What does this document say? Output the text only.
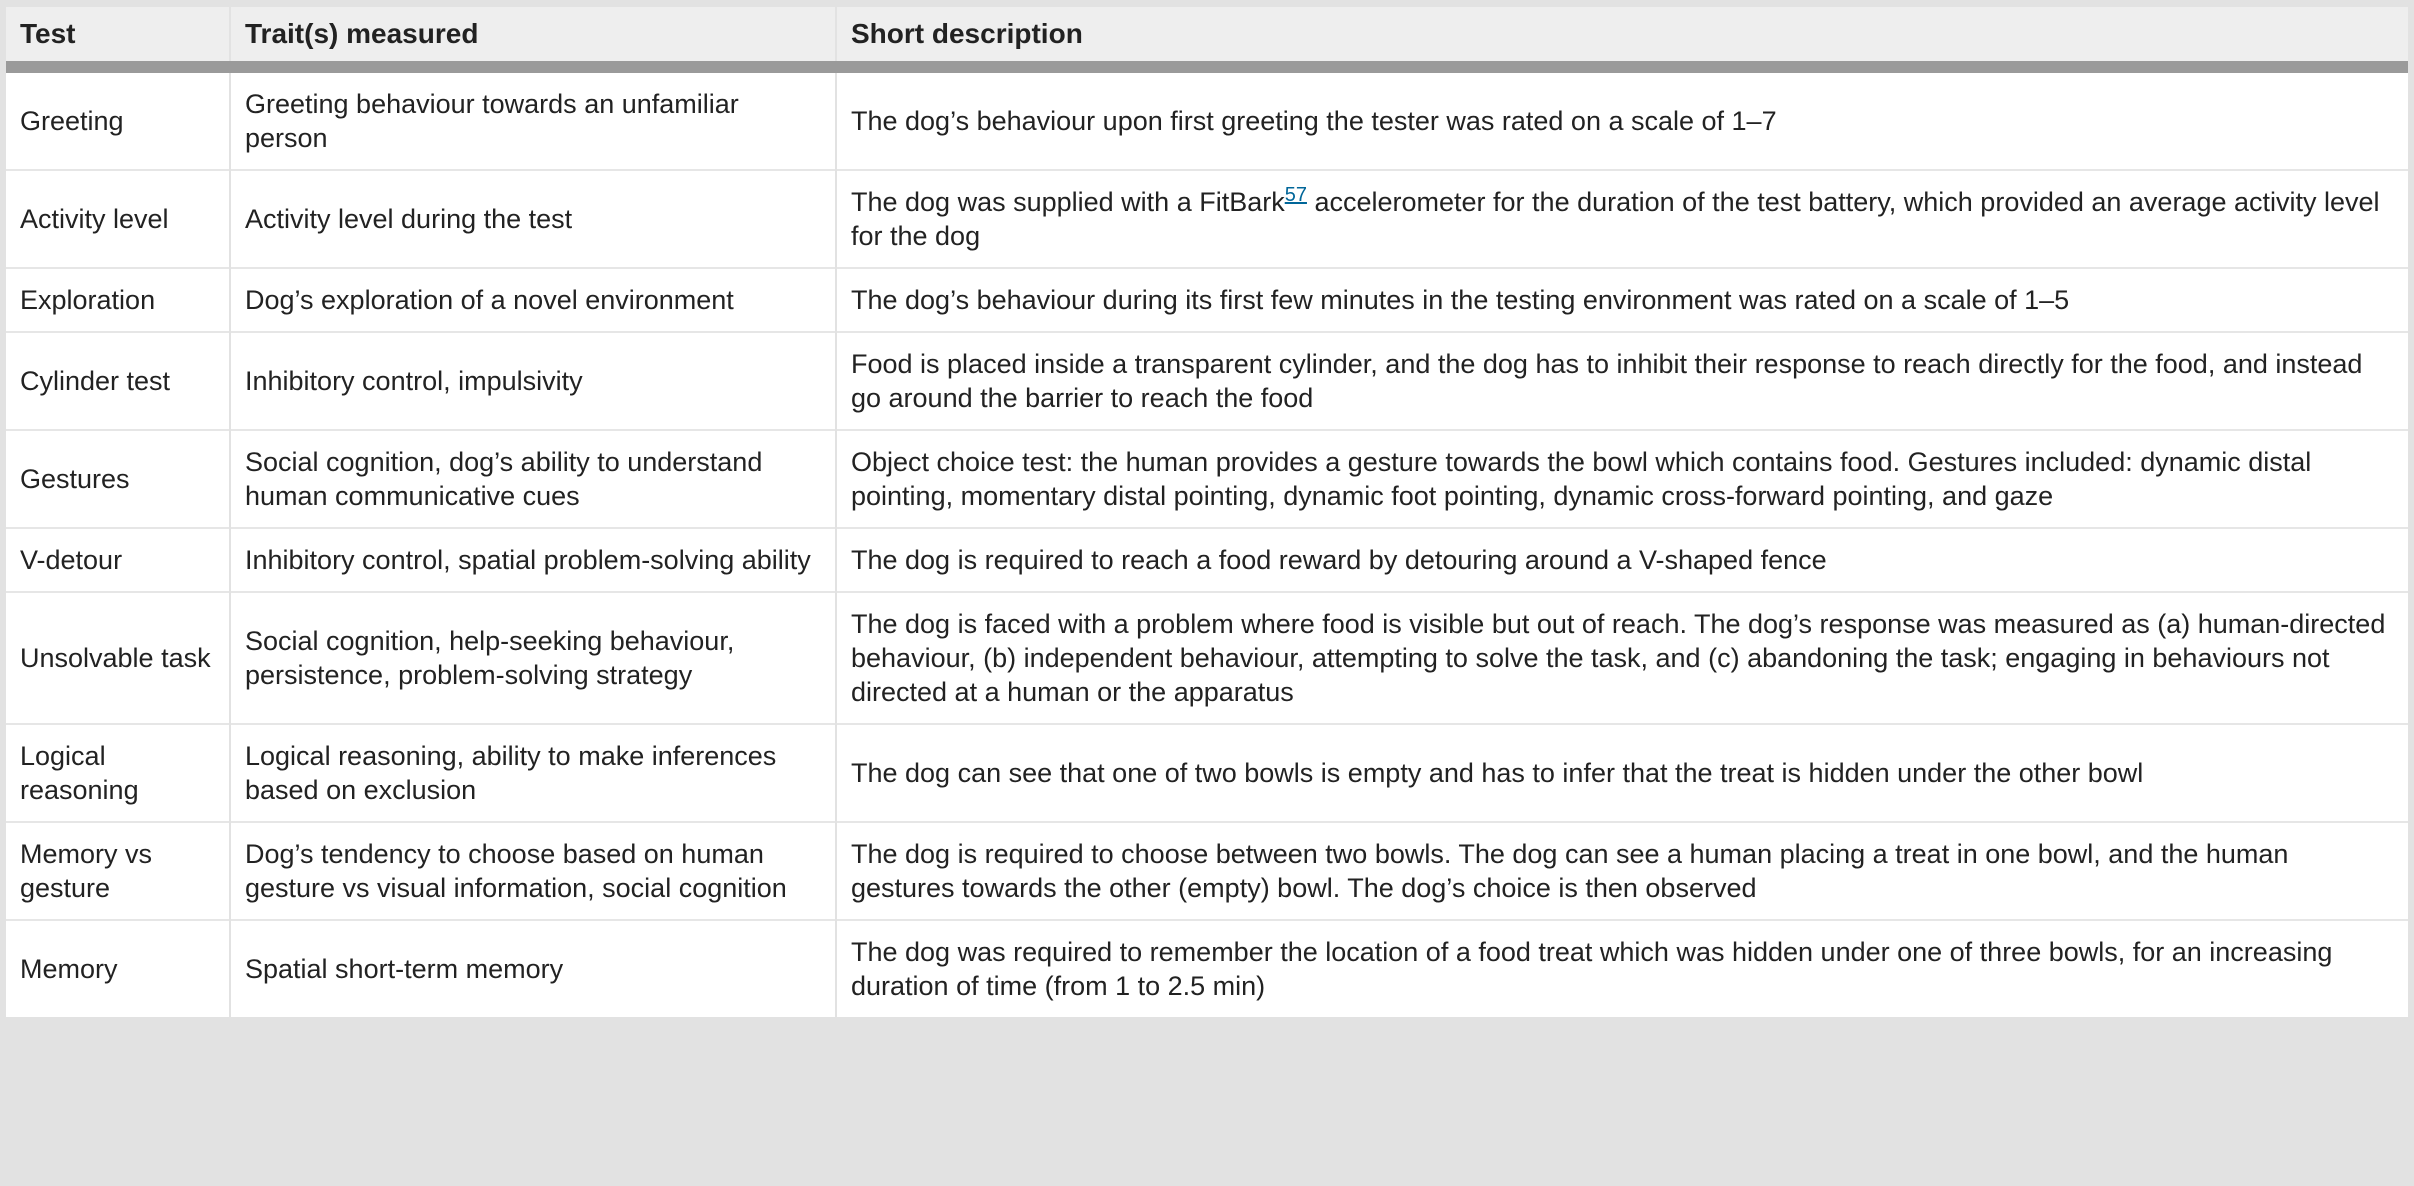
Test	Trait(s) measured	Short description
Greeting	Greeting behaviour towards an unfamiliar person	The dog’s behaviour upon first greeting the tester was rated on a scale of 1–7
Activity level	Activity level during the test	The dog was supplied with a FitBark$^{57}$ accelerometer for the duration of the test battery, which provided an average activity level for the dog
Exploration	Dog’s exploration of a novel environment	The dog’s behaviour during its first few minutes in the testing environment was rated on a scale of 1–5
Cylinder test	Inhibitory control, impulsivity	Food is placed inside a transparent cylinder, and the dog has to inhibit their response to reach directly for the food, and instead go around the barrier to reach the food
Gestures	Social cognition, dog’s ability to understand human communicative cues	Object choice test: the human provides a gesture towards the bowl which contains food. Gestures included: dynamic distal pointing, momentary distal pointing, dynamic foot pointing, dynamic cross-forward pointing, and gaze
V-detour	Inhibitory control, spatial problem-solving ability	The dog is required to reach a food reward by detouring around a V-shaped fence
Unsolvable task	Social cognition, help-seeking behaviour, persistence, problem-solving strategy	The dog is faced with a problem where food is visible but out of reach. The dog’s response was measured as (a) human-directed behaviour, (b) independent behaviour, attempting to solve the task, and (c) abandoning the task; engaging in behaviours not directed at a human or the apparatus
Logical reasoning	Logical reasoning, ability to make inferences based on exclusion	The dog can see that one of two bowls is empty and has to infer that the treat is hidden under the other bowl
Memory vs gesture	Dog’s tendency to choose based on human gesture vs visual information, social cognition	The dog is required to choose between two bowls. The dog can see a human placing a treat in one bowl, and the human gestures towards the other (empty) bowl. The dog’s choice is then observed
Memory	Spatial short-term memory	The dog was required to remember the location of a food treat which was hidden under one of three bowls, for an increasing duration of time (from 1 to 2.5 min)
